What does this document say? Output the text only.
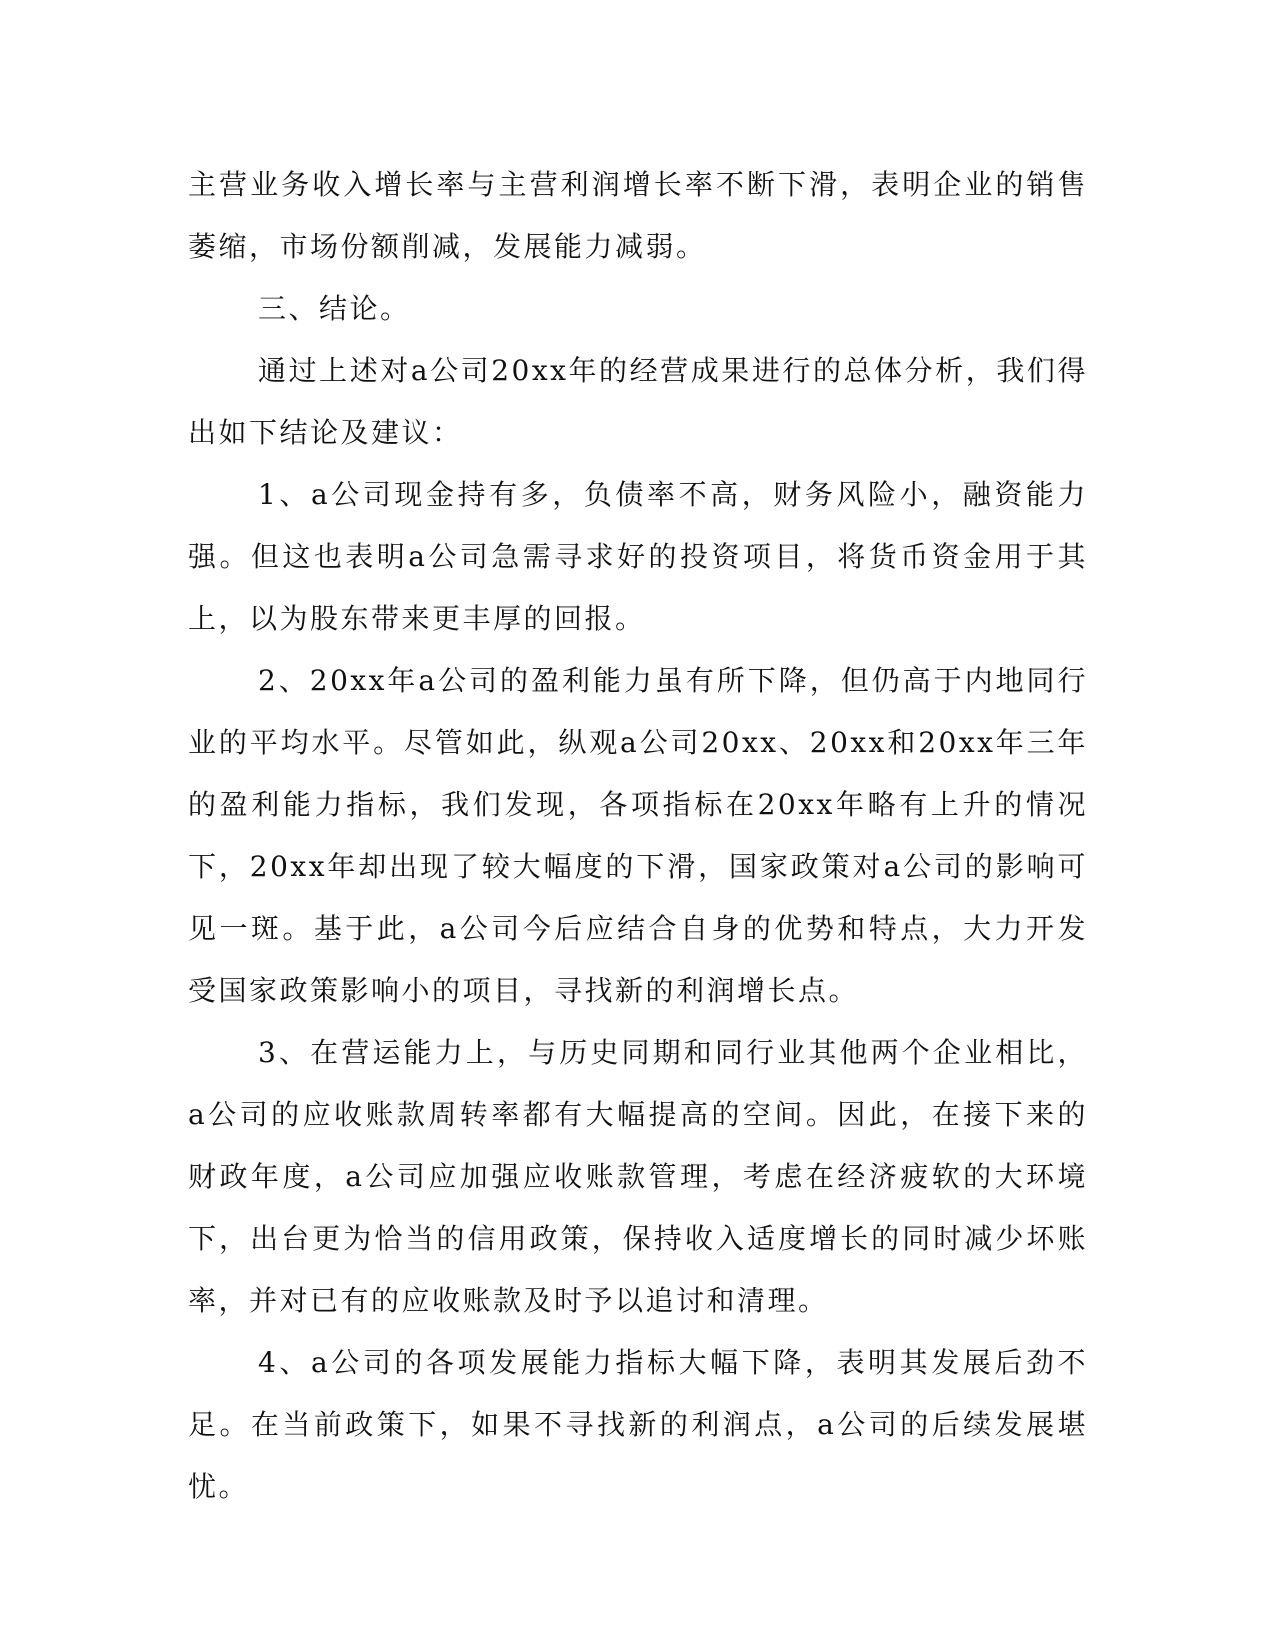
主营业务收入增长率与主营利润增长率不断下滑，表明企业的销售萎缩，市场份额削减，发展能力减弱。

三、结论。

通过上述对a公司20xx年的经营成果进行的总体分析，我们得出如下结论及建议：

1、a公司现金持有多，负债率不高，财务风险小，融资能力强。但这也表明a公司急需寻求好的投资项目，将货币资金用于其上，以为股东带来更丰厚的回报。

2、20xx年a公司的盈利能力虽有所下降，但仍高于内地同行业的平均水平。尽管如此，纵观a公司20xx、20xx和20xx年三年的盈利能力指标，我们发现，各项指标在20xx年略有上升的情况下，20xx年却出现了较大幅度的下滑，国家政策对a公司的影响可见一斑。基于此，a公司今后应结合自身的优势和特点，大力开发受国家政策影响小的项目，寻找新的利润增长点。

3、在营运能力上，与历史同期和同行业其他两个企业相比，a公司的应收账款周转率都有大幅提高的空间。因此，在接下来的财政年度，a公司应加强应收账款管理，考虑在经济疲软的大环境下，出台更为恰当的信用政策，保持收入适度增长的同时减少坏账率，并对已有的应收账款及时予以追讨和清理。

4、a公司的各项发展能力指标大幅下降，表明其发展后劲不足。在当前政策下，如果不寻找新的利润点，a公司的后续发展堪忧。
